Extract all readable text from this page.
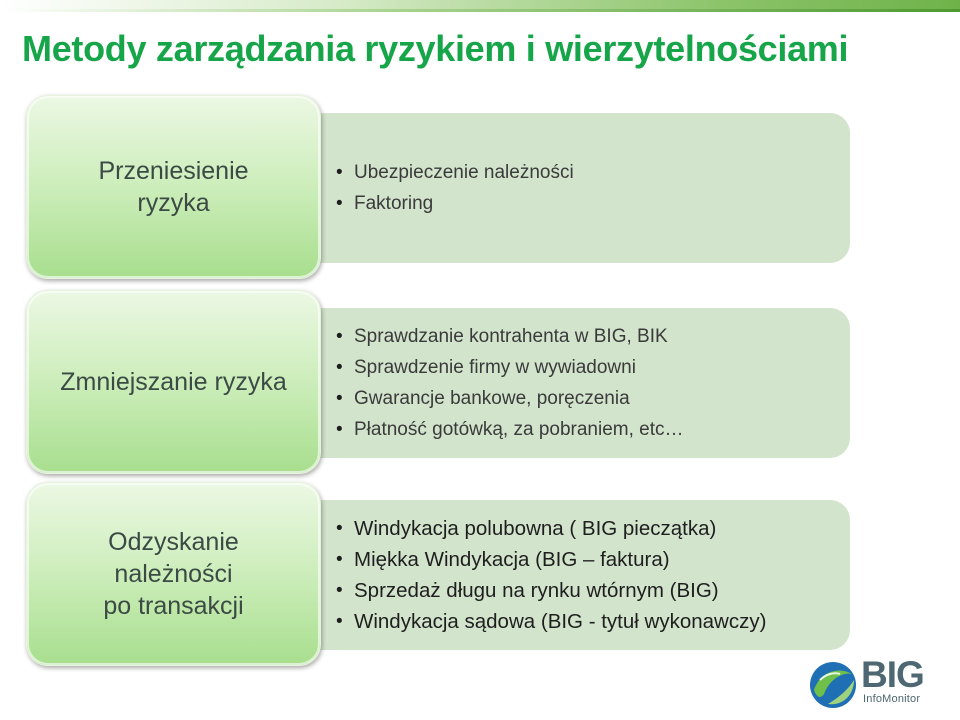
Metody zarządzania ryzykiem i wierzytelnościami
• Ubezpieczenie należności
• Faktoring
Przeniesienie
ryzyka
• Sprawdzanie kontrahenta w BIG, BIK
• Sprawdzenie firmy w wywiadowni
• Gwarancje bankowe, poręczenia
• Płatność gotówką, za pobraniem, etc…
Zmniejszanie ryzyka
• Windykacja polubowna ( BIG pieczątka)
• Miękka Windykacja (BIG – faktura)
• Sprzedaż długu na rynku wtórnym (BIG)
• Windykacja sądowa (BIG - tytuł wykonawczy)
Odzyskanie
należności
po transakcji
BIG
InfoMonitor
